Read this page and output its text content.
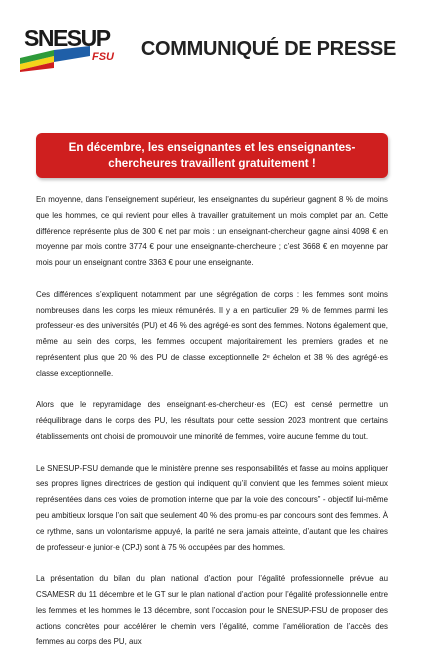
SNESUP
FSU COMMUNIQUÉ DE PRESSE
En décembre, les enseignantes et les enseignantes-chercheures travaillent gratuitement !

En moyenne, dans l’enseignement supérieur, les enseignantes du supérieur gagnent 8 % de moins que les hommes, ce qui revient pour elles à travailler gratuitement un mois complet par an. Cette différence représente plus de 300 € net par mois : un enseignant-chercheur gagne ainsi 4098 € en moyenne par mois contre 3774 € pour une enseignante-chercheure ; c’est 3668 € en moyenne par mois pour un enseignant contre 3363 € pour une enseignante.

Ces différences s’expliquent notamment par une ségrégation de corps : les femmes sont moins nombreuses dans les corps les mieux rémunérés. Il y a en particulier 29 % de femmes parmi les professeur·es des universités (PU) et 46 % des agrégé·es sont des femmes. Notons également que, même au sein des corps, les femmes occupent majoritairement les premiers grades et ne représentent plus que 20 % des PU de classe exceptionnelle 2ᵉ échelon et 38 % des agrégé·es classe exceptionnelle.

Alors que le repyramidage des enseignant·es-chercheur·es (EC) est censé permettre un rééquilibrage dans le corps des PU, les résultats pour cette session 2023 montrent que certains établissements ont choisi de promouvoir une minorité de femmes, voire aucune femme du tout.

Le SNESUP-FSU demande que le ministère prenne ses responsabilités et fasse au moins appliquer ses propres lignes directrices de gestion qui indiquent qu’il convient que les femmes soient mieux représentées dans ces voies de promotion interne que par la voie des concours” - objectif lui-même peu ambitieux lorsque l’on sait que seulement 40 % des promu·es par concours sont des femmes. À ce rythme, sans un volontarisme appuyé, la parité ne sera jamais atteinte, d’autant que les chaires de professeur·e junior·e (CPJ) sont à 75 % occupées par des hommes.

La présentation du bilan du plan national d’action pour l’égalité professionnelle prévue au CSAMESR du 11 décembre et le GT sur le plan national d’action pour l’égalité professionnelle entre les femmes et les hommes le 13 décembre, sont l’occasion pour le SNESUP-FSU de proposer des actions concrètes pour accélérer le chemin vers l’égalité, comme l’amélioration de l’accès des femmes au corps des PU, aux
